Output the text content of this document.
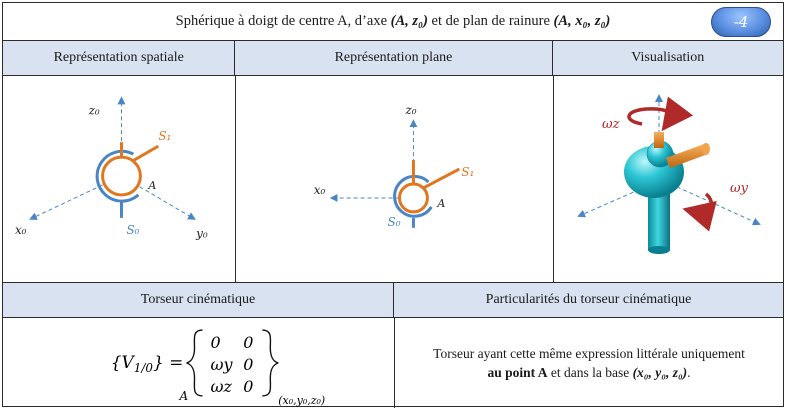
Sphérique à doigt de centre A, d’axe (A, z₀) et de plan de rainure (A, x₀, z₀)	-4
Représentation spatiale	Représentation plane	Visualisation
z₀
x₀	y₀
S₁
S₀
A
z₀
x₀
S₁
S₀
A
ωz
ωy
Torseur cinématique	Particularités du torseur cinématique
$\{V_{1/0}\}$ =
0 0
ωy 0
ωz 0
A	(x₀,y₀,z₀)
Torseur ayant cette même expression littérale uniquement
au point A et dans la base (x₀, y₀, z₀).
